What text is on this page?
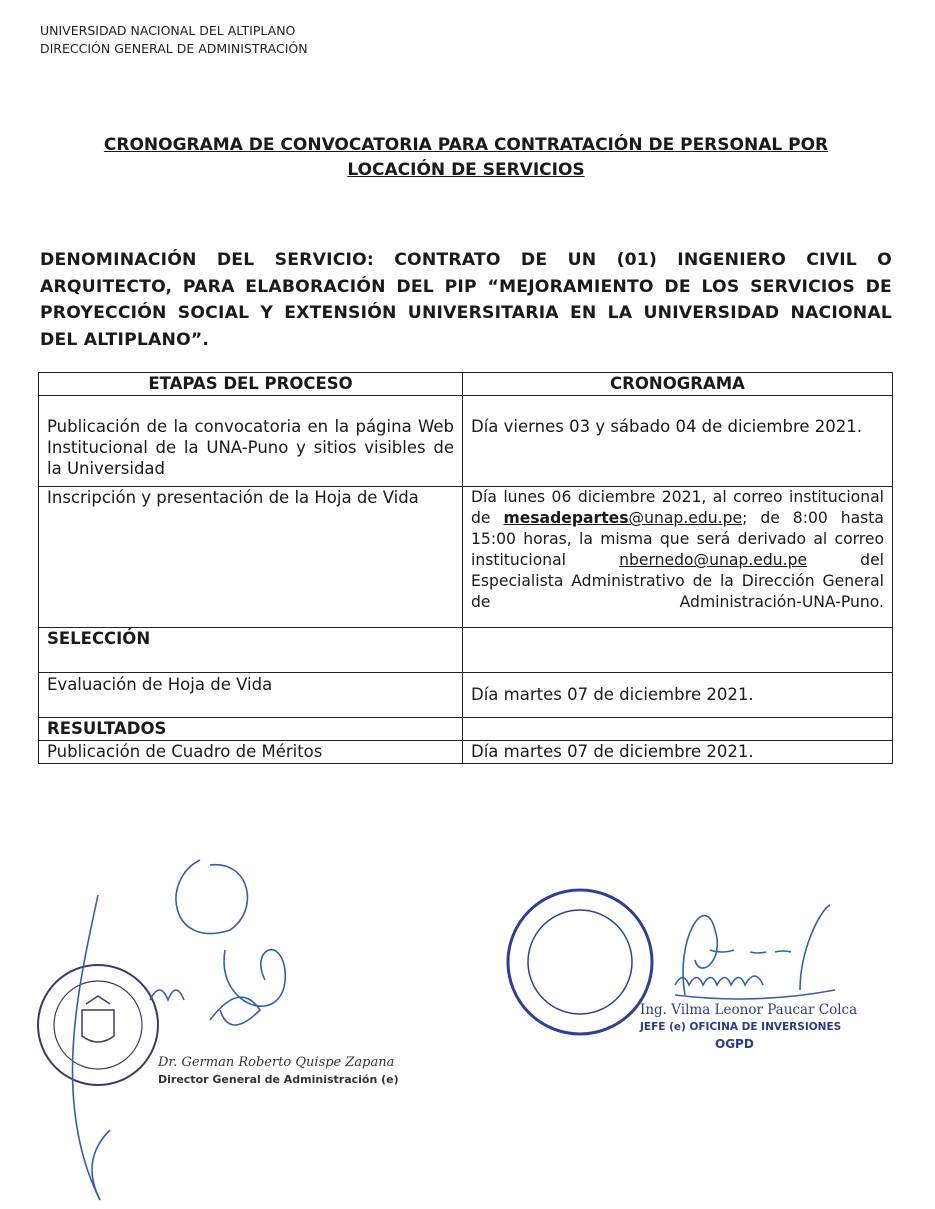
UNIVERSIDAD NACIONAL DEL ALTIPLANO
DIRECCIÓN GENERAL DE ADMINISTRACIÓN
CRONOGRAMA DE CONVOCATORIA PARA CONTRATACIÓN DE PERSONAL POR
LOCACIÓN DE SERVICIOS
DENOMINACIÓN DEL SERVICIO: CONTRATO DE UN (01) INGENIERO CIVIL O ARQUITECTO, PARA ELABORACIÓN DEL PIP “MEJORAMIENTO DE LOS SERVICIOS DE PROYECCIÓN SOCIAL Y EXTENSIÓN UNIVERSITARIA EN LA UNIVERSIDAD NACIONAL DEL ALTIPLANO”.
ETAPAS DEL PROCESO	CRONOGRAMA

Publicación de la convocatoria en la página Web Institucional de la UNA-Puno y sitios visibles de la Universidad	Día viernes 03 y sábado 04 de diciembre 2021.

Inscripción y presentación de la Hoja de Vida	Día lunes 06 diciembre 2021, al correo institucional de mesadepartes@unap.edu.pe; de 8:00 hasta 15:00 horas, la misma que será derivado al correo institucional nbernedo@unap.edu.pe del Especialista Administrativo de la Dirección General de Administración-UNA-Puno.
SELECCIÓN	

Evaluación de Hoja de Vida	Día martes 07 de diciembre 2021.

RESULTADOS	
Publicación de Cuadro de Méritos	Día martes 07 de diciembre 2021.
Dr. German Roberto Quispe Zapana
Director General de Administración (e)
Ing. Vilma Leonor Paucar Colca
JEFE (e) OFICINA DE INVERSIONES
OGPD
